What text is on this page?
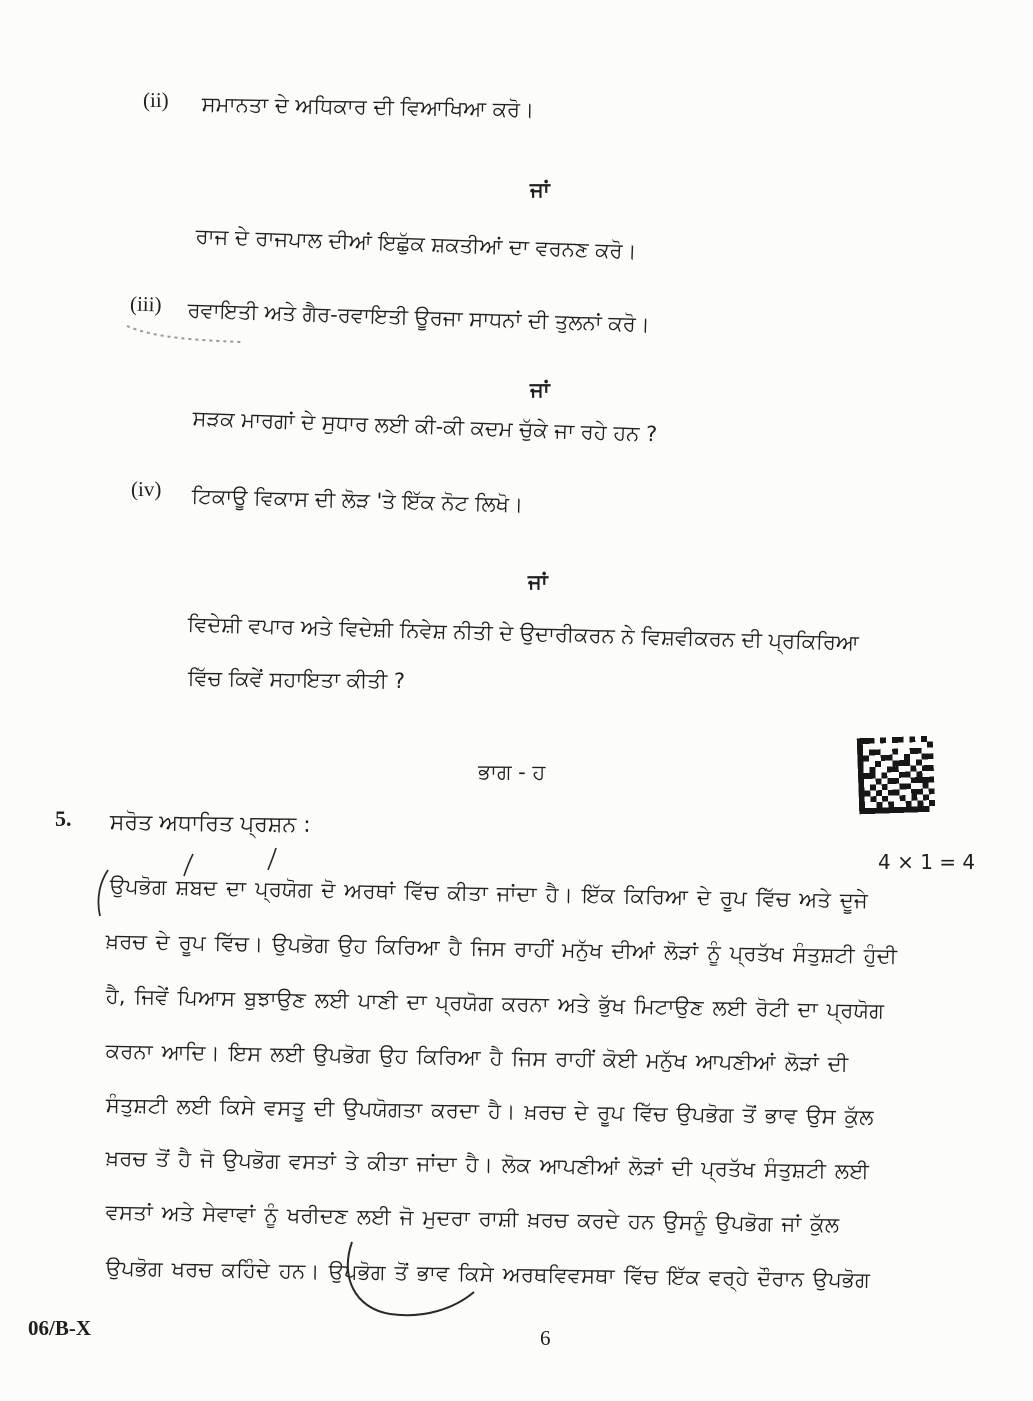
(ii) ਸਮਾਨਤਾ ਦੇ ਅਧਿਕਾਰ ਦੀ ਵਿਆਖਿਆ ਕਰੋ।
ਜਾਂ
ਰਾਜ ਦੇ ਰਾਜਪਾਲ ਦੀਆਂ ਇਛੁੱਕ ਸ਼ਕਤੀਆਂ ਦਾ ਵਰਨਣ ਕਰੋ।
(iii) ਰਵਾਇਤੀ ਅਤੇ ਗੈਰ-ਰਵਾਇਤੀ ਊਰਜਾ ਸਾਧਨਾਂ ਦੀ ਤੁਲਨਾਂ ਕਰੋ।
ਜਾਂ
ਸੜਕ ਮਾਰਗਾਂ ਦੇ ਸੁਧਾਰ ਲਈ ਕੀ-ਕੀ ਕਦਮ ਚੁੱਕੇ ਜਾ ਰਹੇ ਹਨ ?
(iv) ਟਿਕਾਊ ਵਿਕਾਸ ਦੀ ਲੋੜ 'ਤੇ ਇੱਕ ਨੋਟ ਲਿਖੋ।
ਜਾਂ
ਵਿਦੇਸ਼ੀ ਵਪਾਰ ਅਤੇ ਵਿਦੇਸ਼ੀ ਨਿਵੇਸ਼ ਨੀਤੀ ਦੇ ਉਦਾਰੀਕਰਨ ਨੇ ਵਿਸ਼ਵੀਕਰਨ ਦੀ ਪ੍ਰਕਿਰਿਆ
ਵਿੱਚ ਕਿਵੇਂ ਸਹਾਇਤਾ ਕੀਤੀ ?
ਭਾਗ - ਹ
5. ਸਰੋਤ ਅਧਾਰਿਤ ਪ੍ਰਸ਼ਨ :
4 × 1 = 4
ਉਪਭੋਗ ਸ਼ਬਦ ਦਾ ਪ੍ਰਯੋਗ ਦੋ ਅਰਥਾਂ ਵਿੱਚ ਕੀਤਾ ਜਾਂਦਾ ਹੈ। ਇੱਕ ਕਿਰਿਆ ਦੇ ਰੂਪ ਵਿੱਚ ਅਤੇ ਦੂਜੇ
ਖ਼ਰਚ ਦੇ ਰੂਪ ਵਿੱਚ। ਉਪਭੋਗ ਉਹ ਕਿਰਿਆ ਹੈ ਜਿਸ ਰਾਹੀਂ ਮਨੁੱਖ ਦੀਆਂ ਲੋੜਾਂ ਨੂੰ ਪ੍ਰਤੱਖ ਸੰਤੁਸ਼ਟੀ ਹੁੰਦੀ
ਹੈ, ਜਿਵੇਂ ਪਿਆਸ ਬੁਝਾਉਣ ਲਈ ਪਾਣੀ ਦਾ ਪ੍ਰਯੋਗ ਕਰਨਾ ਅਤੇ ਭੁੱਖ ਮਿਟਾਉਣ ਲਈ ਰੋਟੀ ਦਾ ਪ੍ਰਯੋਗ
ਕਰਨਾ ਆਦਿ। ਇਸ ਲਈ ਉਪਭੋਗ ਉਹ ਕਿਰਿਆ ਹੈ ਜਿਸ ਰਾਹੀਂ ਕੋਈ ਮਨੁੱਖ ਆਪਣੀਆਂ ਲੋੜਾਂ ਦੀ
ਸੰਤੁਸ਼ਟੀ ਲਈ ਕਿਸੇ ਵਸਤੂ ਦੀ ਉਪਯੋਗਤਾ ਕਰਦਾ ਹੈ। ਖ਼ਰਚ ਦੇ ਰੂਪ ਵਿੱਚ ਉਪਭੋਗ ਤੋਂ ਭਾਵ ਉਸ ਕੁੱਲ
ਖ਼ਰਚ ਤੋਂ ਹੈ ਜੋ ਉਪਭੋਗ ਵਸਤਾਂ ਤੇ ਕੀਤਾ ਜਾਂਦਾ ਹੈ। ਲੋਕ ਆਪਣੀਆਂ ਲੋੜਾਂ ਦੀ ਪ੍ਰਤੱਖ ਸੰਤੁਸ਼ਟੀ ਲਈ
ਵਸਤਾਂ ਅਤੇ ਸੇਵਾਵਾਂ ਨੂੰ ਖਰੀਦਣ ਲਈ ਜੋ ਮੁਦਰਾ ਰਾਸ਼ੀ ਖ਼ਰਚ ਕਰਦੇ ਹਨ ਉਸਨੂੰ ਉਪਭੋਗ ਜਾਂ ਕੁੱਲ
ਉਪਭੋਗ ਖਰਚ ਕਹਿੰਦੇ ਹਨ। ਉਪਭੋਗ ਤੋਂ ਭਾਵ ਕਿਸੇ ਅਰਥਵਿਵਸਥਾ ਵਿੱਚ ਇੱਕ ਵਰ੍ਹੇ ਦੌਰਾਨ ਉਪਭੋਗ
06/B-X	6
